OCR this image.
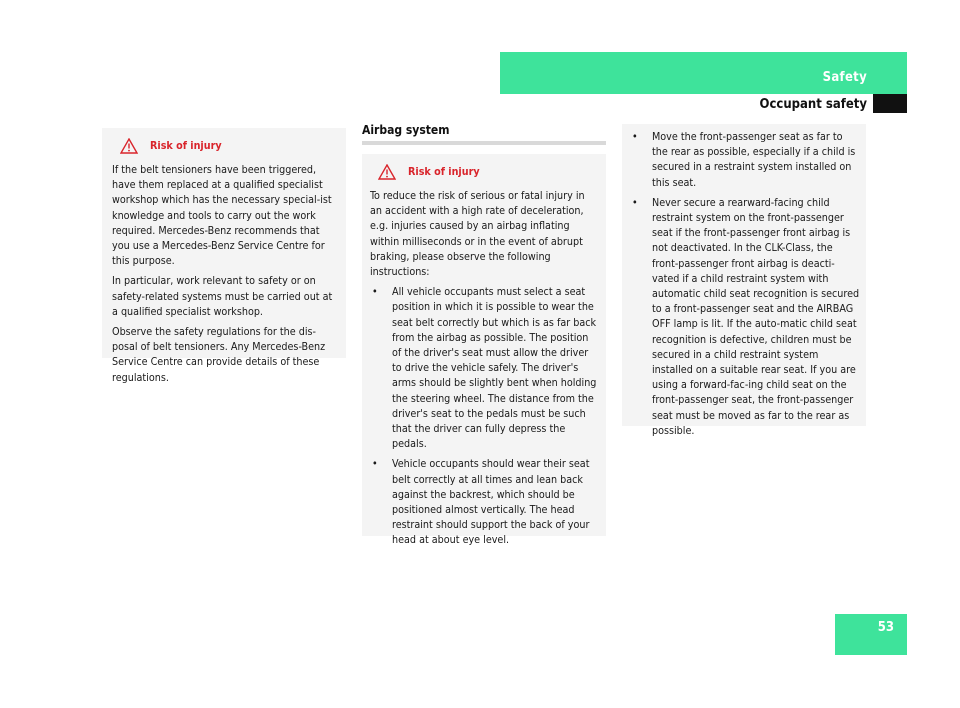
Safety
Occupant safety
Risk of injury

If the belt tensioners have been triggered, have them replaced at a qualified specialist workshop which has the necessary special-ist knowledge and tools to carry out the work required. Mercedes-Benz recommends that you use a Mercedes-Benz Service Centre for this purpose.

In particular, work relevant to safety or on safety-related systems must be carried out at a qualified specialist workshop.

Observe the safety regulations for the dis-posal of belt tensioners. Any Mercedes-Benz Service Centre can provide details of these regulations.

Airbag system
Risk of injury

To reduce the risk of serious or fatal injury in an accident with a high rate of deceleration, e.g. injuries caused by an airbag inflating within milliseconds or in the event of abrupt braking, please observe the following instructions:

• All vehicle occupants must select a seat position in which it is possible to wear the seat belt correctly but which is as far back from the airbag as possible. The position of the driver's seat must allow the driver to drive the vehicle safely. The driver's arms should be slightly bent when holding the steering wheel. The distance from the driver's seat to the pedals must be such that the driver can fully depress the pedals.
• Vehicle occupants should wear their seat belt correctly at all times and lean back against the backrest, which should be positioned almost vertically. The head restraint should support the back of your head at about eye level.
• Move the front-passenger seat as far to the rear as possible, especially if a child is secured in a restraint system installed on this seat.
• Never secure a rearward-facing child restraint system on the front-passenger seat if the front-passenger front airbag is not deactivated. In the CLK-Class, the front-passenger front airbag is deacti-vated if a child restraint system with automatic child seat recognition is secured to a front-passenger seat and the AIRBAG OFF lamp is lit. If the auto-matic child seat recognition is defective, children must be secured in a child restraint system installed on a suitable rear seat. If you are using a forward-fac-ing child seat on the front-passenger seat, the front-passenger seat must be moved as far to the rear as possible.
53
